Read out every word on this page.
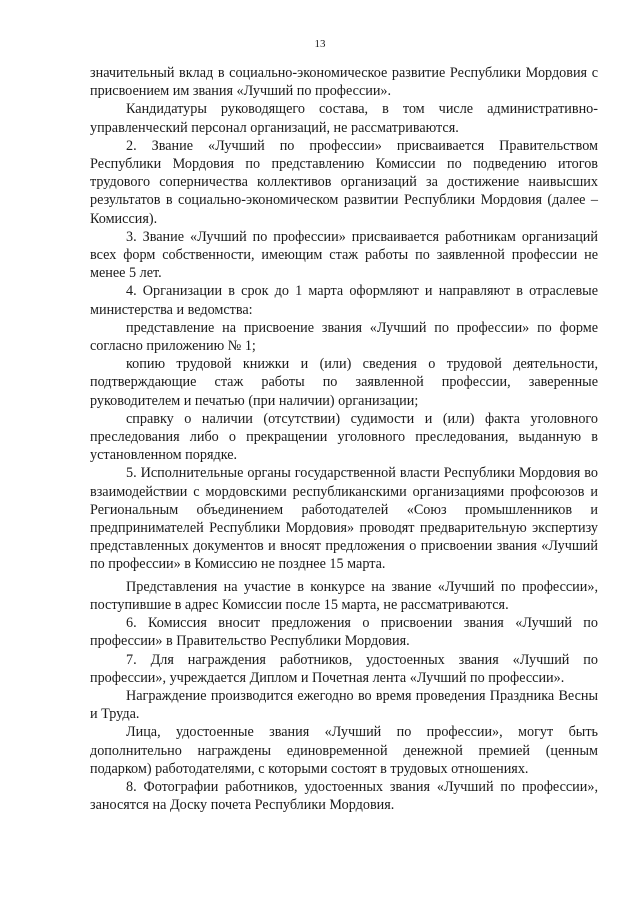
13

значительный вклад в социально-экономическое развитие Республики Мордовия с присвоением им звания «Лучший по профессии».

Кандидатуры руководящего состава, в том числе административно-управленческий персонал организаций, не рассматриваются.

2. Звание «Лучший по профессии» присваивается Правительством Республики Мордовия по представлению Комиссии по подведению итогов трудового соперничества коллективов организаций за достижение наивысших результатов в социально-экономическом развитии Республики Мордовия (далее – Комиссия).

3. Звание «Лучший по профессии» присваивается работникам организаций всех форм собственности, имеющим стаж работы по заявленной профессии не менее 5 лет.

4. Организации в срок до 1 марта оформляют и направляют в отраслевые министерства и ведомства:

представление на присвоение звания «Лучший по профессии» по форме согласно приложению № 1;

копию трудовой книжки и (или) сведения о трудовой деятельности, подтверждающие стаж работы по заявленной профессии, заверенные руководителем и печатью (при наличии) организации;

справку о наличии (отсутствии) судимости и (или) факта уголовного преследования либо о прекращении уголовного преследования, выданную в установленном порядке.

5. Исполнительные органы государственной власти Республики Мордовия во взаимодействии с мордовскими республиканскими организациями профсоюзов и Региональным объединением работодателей «Союз промышленников и предпринимателей Республики Мордовия» проводят предварительную экспертизу представленных документов и вносят предложения о присвоении звания «Лучший по профессии» в Комиссию не позднее 15 марта.

Представления на участие в конкурсе на звание «Лучший по профессии», поступившие в адрес Комиссии после 15 марта, не рассматриваются.

6. Комиссия вносит предложения о присвоении звания «Лучший по профессии» в Правительство Республики Мордовия.

7. Для награждения работников, удостоенных звания «Лучший по профессии», учреждается Диплом и Почетная лента «Лучший по профессии».

Награждение производится ежегодно во время проведения Праздника Весны и Труда.

Лица, удостоенные звания «Лучший по профессии», могут быть дополнительно награждены единовременной денежной премией (ценным подарком) работодателями, с которыми состоят в трудовых отношениях.

8. Фотографии работников, удостоенных звания «Лучший по профессии», заносятся на Доску почета Республики Мордовия.
